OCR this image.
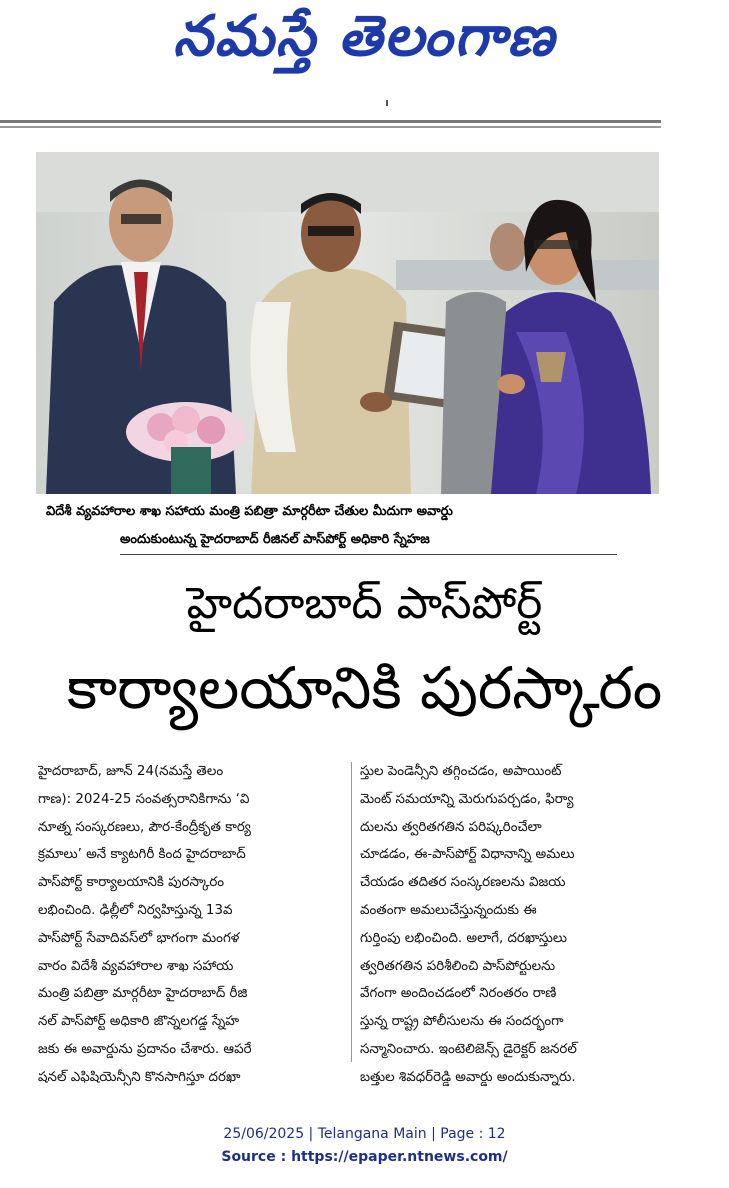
నమస్తే తెలంగాణ
విదేశీ వ్యవహారాల శాఖ సహాయ మంత్రి పబిత్రా మార్గరీటా చేతుల మీదుగా అవార్డు
అందుకుంటున్న హైదరాబాద్ రీజినల్ పాస్‌పోర్ట్ అధికారి స్నేహజ
హైదరాబాద్ పాస్‌పోర్ట్
కార్యాలయానికి పురస్కారం
హైదరాబాద్, జూన్ 24(నమస్తే తెలం
గాణ): 2024-25 సంవత్సరానికిగాను ‘వి
నూత్న సంస్కరణలు, పౌర-కేంద్రీకృత కార్య
క్రమాలు’ అనే క్యాటగిరీ కింద హైదరాబాద్
పాస్‌పోర్ట్ కార్యాలయానికి పురస్కారం
లభించింది. ఢిల్లీలో నిర్వహిస్తున్న 13వ
పాస్‌పోర్ట్ సేవాదివస్‌లో భాగంగా మంగళ
వారం విదేశీ వ్యవహారాల శాఖ సహాయ
మంత్రి పబిత్రా మార్గరీటా హైదరాబాద్ రీజి
నల్ పాస్‌పోర్ట్ అధికారి జొన్నలగడ్డ స్నేహ
జకు ఈ అవార్డును ప్రదానం చేశారు. ఆపరే
షనల్ ఎఫిషియెన్సీని కొనసాగిస్తూ దరఖా
స్తుల పెండెన్సీని తగ్గించడం, అపాయింట్
మెంట్ సమయాన్ని మెరుగుపర్చడం, ఫిర్యా
దులను త్వరితగతిన పరిష్కరించేలా
చూడడం, ఈ-పాస్‌పోర్ట్ విధానాన్ని అమలు
చేయడం తదితర సంస్కరణలను విజయ
వంతంగా అమలుచేస్తున్నందుకు ఈ
గుర్తింపు లభించింది. అలాగే, దరఖాస్తులు
త్వరితగతిన పరిశీలించి పాస్‌పోర్టులను
వేగంగా అందించడంలో నిరంతరం రాణి
స్తున్న రాష్ట్ర పోలీసులను ఈ సందర్భంగా
సన్మానించారు. ఇంటెలిజెన్స్ డైరెక్టర్ జనరల్
బత్తుల శివధర్‌రెడ్డి అవార్డు అందుకున్నారు.
25/06/2025 | Telangana Main | Page : 12
Source : https://epaper.ntnews.com/
